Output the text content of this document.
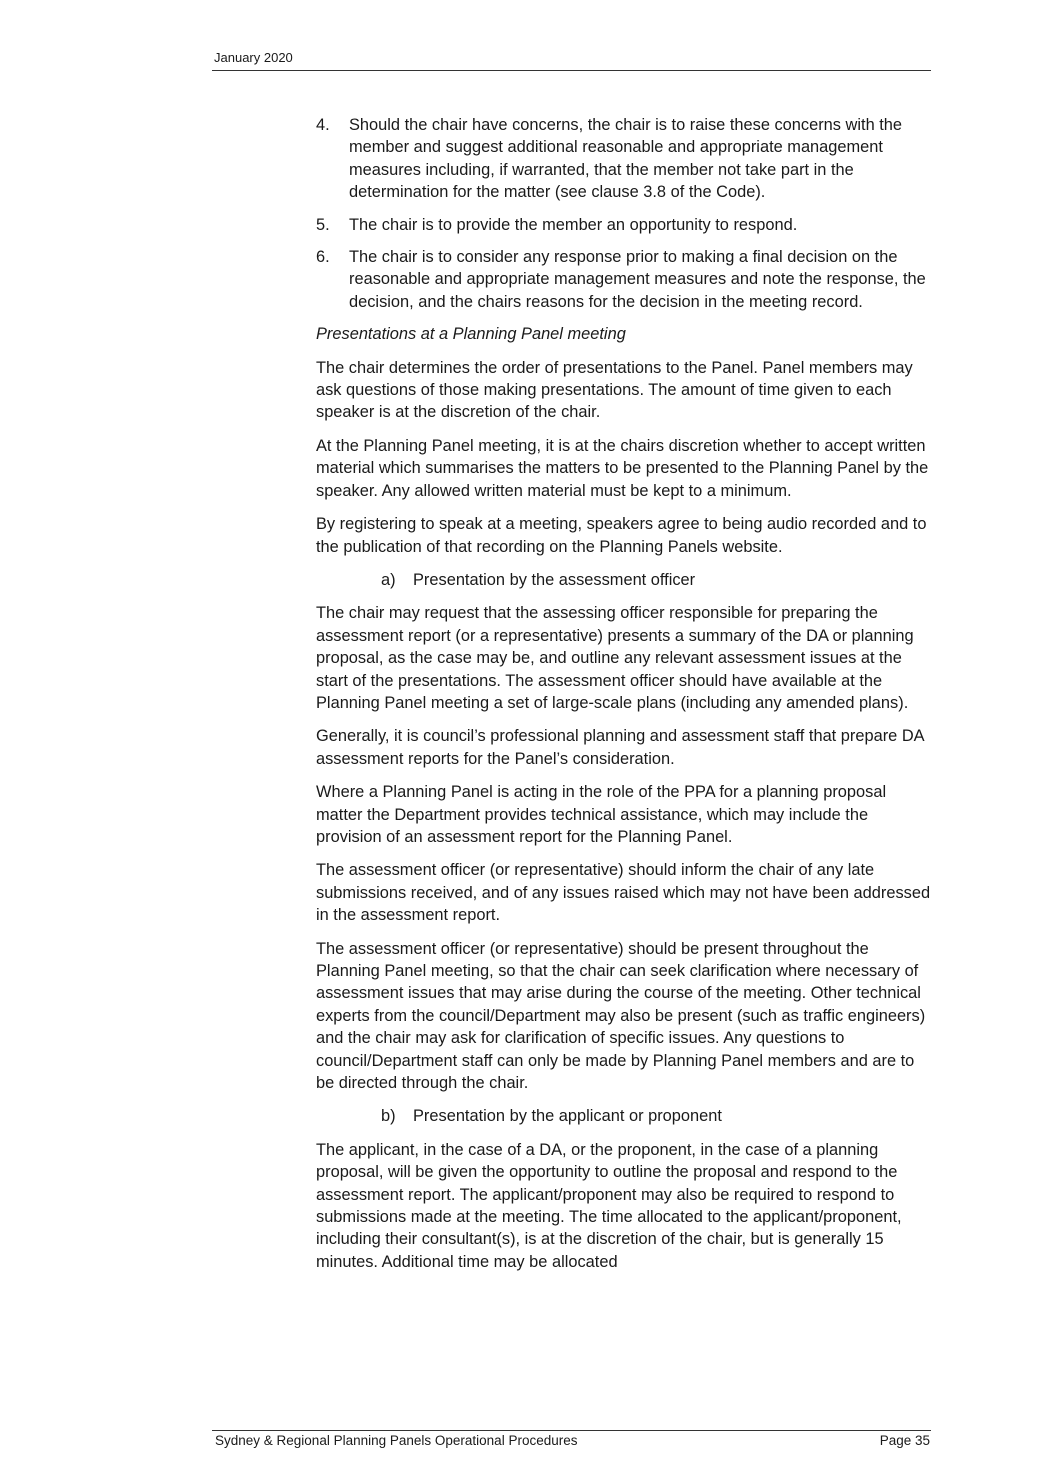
January 2020
4. Should the chair have concerns, the chair is to raise these concerns with the member and suggest additional reasonable and appropriate management measures including, if warranted, that the member not take part in the determination for the matter (see clause 3.8 of the Code).
5. The chair is to provide the member an opportunity to respond.
6. The chair is to consider any response prior to making a final decision on the reasonable and appropriate management measures and note the response, the decision, and the chairs reasons for the decision in the meeting record.

Presentations at a Planning Panel meeting

The chair determines the order of presentations to the Panel. Panel members may ask questions of those making presentations. The amount of time given to each speaker is at the discretion of the chair.

At the Planning Panel meeting, it is at the chairs discretion whether to accept written material which summarises the matters to be presented to the Planning Panel by the speaker. Any allowed written material must be kept to a minimum.

By registering to speak at a meeting, speakers agree to being audio recorded and to the publication of that recording on the Planning Panels website.

a) Presentation by the assessment officer

The chair may request that the assessing officer responsible for preparing the assessment report (or a representative) presents a summary of the DA or planning proposal, as the case may be, and outline any relevant assessment issues at the start of the presentations. The assessment officer should have available at the Planning Panel meeting a set of large-scale plans (including any amended plans).

Generally, it is council’s professional planning and assessment staff that prepare DA assessment reports for the Panel’s consideration.

Where a Planning Panel is acting in the role of the PPA for a planning proposal matter the Department provides technical assistance, which may include the provision of an assessment report for the Planning Panel.

The assessment officer (or representative) should inform the chair of any late submissions received, and of any issues raised which may not have been addressed in the assessment report.

The assessment officer (or representative) should be present throughout the Planning Panel meeting, so that the chair can seek clarification where necessary of assessment issues that may arise during the course of the meeting. Other technical experts from the council/Department may also be present (such as traffic engineers) and the chair may ask for clarification of specific issues. Any questions to council/Department staff can only be made by Planning Panel members and are to be directed through the chair.

b) Presentation by the applicant or proponent

The applicant, in the case of a DA, or the proponent, in the case of a planning proposal, will be given the opportunity to outline the proposal and respond to the assessment report. The applicant/proponent may also be required to respond to submissions made at the meeting. The time allocated to the applicant/proponent, including their consultant(s), is at the discretion of the chair, but is generally 15 minutes. Additional time may be allocated

Sydney & Regional Planning Panels Operational Procedures	Page 35
